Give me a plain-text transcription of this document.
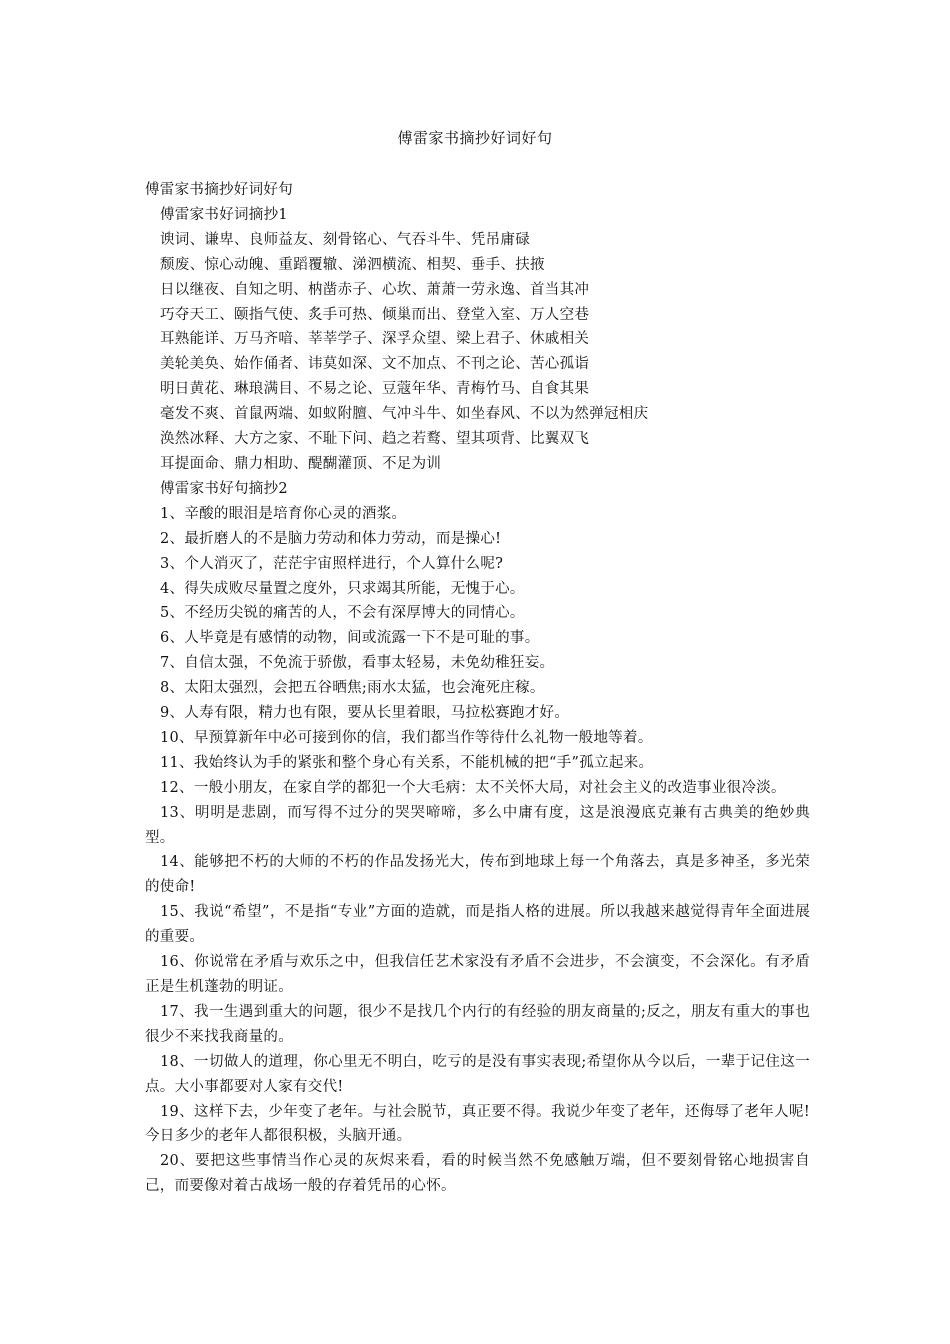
傅雷家书摘抄好词好句

傅雷家书摘抄好词好句

傅雷家书好词摘抄1

谀词、谦卑、良师益友、刻骨铭心、气吞斗牛、凭吊庸碌

颓废、惊心动魄、重蹈覆辙、涕泗横流、相契、垂手、扶掖

日以继夜、自知之明、枘凿赤子、心坎、萧萧一劳永逸、首当其冲

巧夺天工、颐指气使、炙手可热、倾巢而出、登堂入室、万人空巷

耳熟能详、万马齐喑、莘莘学子、深孚众望、梁上君子、休戚相关

美轮美奂、始作俑者、讳莫如深、文不加点、不刊之论、苦心孤诣

明日黄花、琳琅满目、不易之论、豆蔻年华、青梅竹马、自食其果

毫发不爽、首鼠两端、如蚁附膻、气冲斗牛、如坐春风、不以为然弹冠相庆

涣然冰释、大方之家、不耻下问、趋之若鹜、望其项背、比翼双飞

耳提面命、鼎力相助、醍醐灌顶、不足为训

傅雷家书好句摘抄2

1、辛酸的眼泪是培育你心灵的酒浆。

2、最折磨人的不是脑力劳动和体力劳动，而是操心!

3、个人消灭了，茫茫宇宙照样进行，个人算什么呢?

4、得失成败尽量置之度外，只求竭其所能，无愧于心。

5、不经历尖锐的痛苦的人，不会有深厚博大的同情心。

6、人毕竟是有感情的动物，间或流露一下不是可耻的事。

7、自信太强，不免流于骄傲，看事太轻易，未免幼稚狂妄。

8、太阳太强烈，会把五谷晒焦;雨水太猛，也会淹死庄稼。

9、人寿有限，精力也有限，要从长里着眼，马拉松赛跑才好。

10、早预算新年中必可接到你的信，我们都当作等待什么礼物一般地等着。

11、我始终认为手的紧张和整个身心有关系，不能机械的把“手”孤立起来。

12、一般小朋友，在家自学的都犯一个大毛病：太不关怀大局，对社会主义的改造事业很冷淡。

13、明明是悲剧，而写得不过分的哭哭啼啼，多么中庸有度，这是浪漫底克兼有古典美的绝妙典型。

14、能够把不朽的大师的不朽的作品发扬光大，传布到地球上每一个角落去，真是多神圣，多光荣的使命!

15、我说“希望”，不是指“专业”方面的造就，而是指人格的进展。所以我越来越觉得青年全面进展的重要。

16、你说常在矛盾与欢乐之中，但我信任艺术家没有矛盾不会进步，不会演变，不会深化。有矛盾正是生机蓬勃的明证。

17、我一生遇到重大的问题，很少不是找几个内行的有经验的朋友商量的;反之，朋友有重大的事也很少不来找我商量的。

18、一切做人的道理，你心里无不明白，吃亏的是没有事实表现;希望你从今以后，一辈于记住这一点。大小事都要对人家有交代!

19、这样下去，少年变了老年。与社会脱节，真正要不得。我说少年变了老年，还侮辱了老年人呢!今日多少的老年人都很积极，头脑开通。

20、要把这些事情当作心灵的灰烬来看，看的时候当然不免感触万端，但不要刻骨铭心地损害自己，而要像对着古战场一般的存着凭吊的心怀。
